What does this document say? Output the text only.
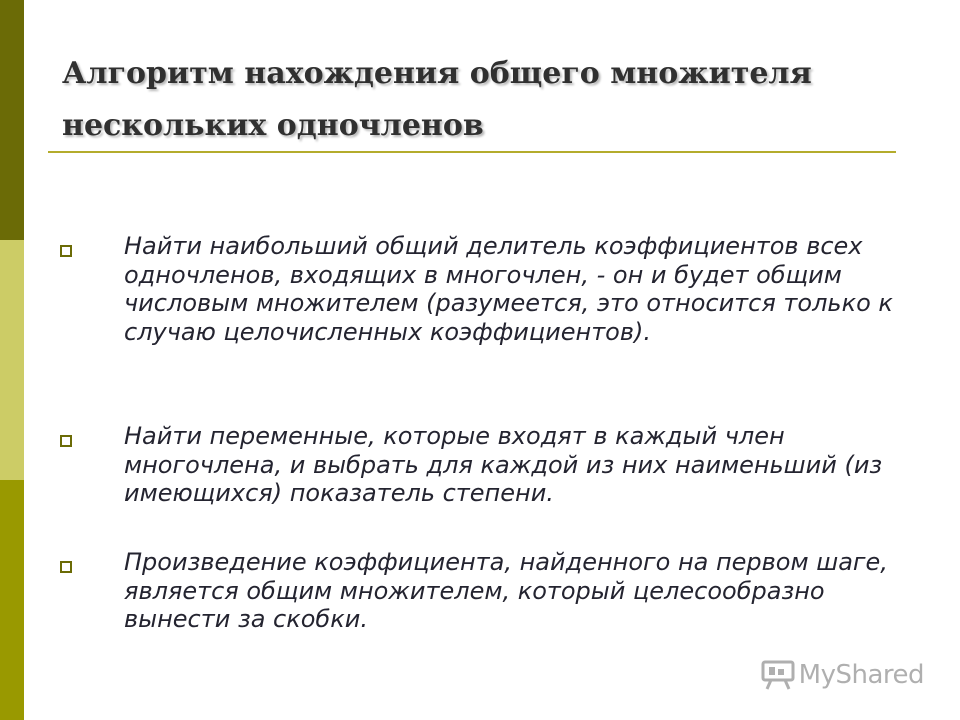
Алгоритм нахождения общего множителя нескольких одночленов

Найти наибольший общий делитель коэффициентов всех одночленов, входящих в многочлен, - он и будет общим числовым множителем (разумеется, это относится только к случаю целочисленных коэффициентов).

Найти переменные, которые входят в каждый член многочлена, и выбрать для каждой из них наименьший (из имеющихся) показатель степени.

Произведение коэффициента, найденного на первом шаге, является общим множителем, который целесообразно вынести за скобки.

MyShared
